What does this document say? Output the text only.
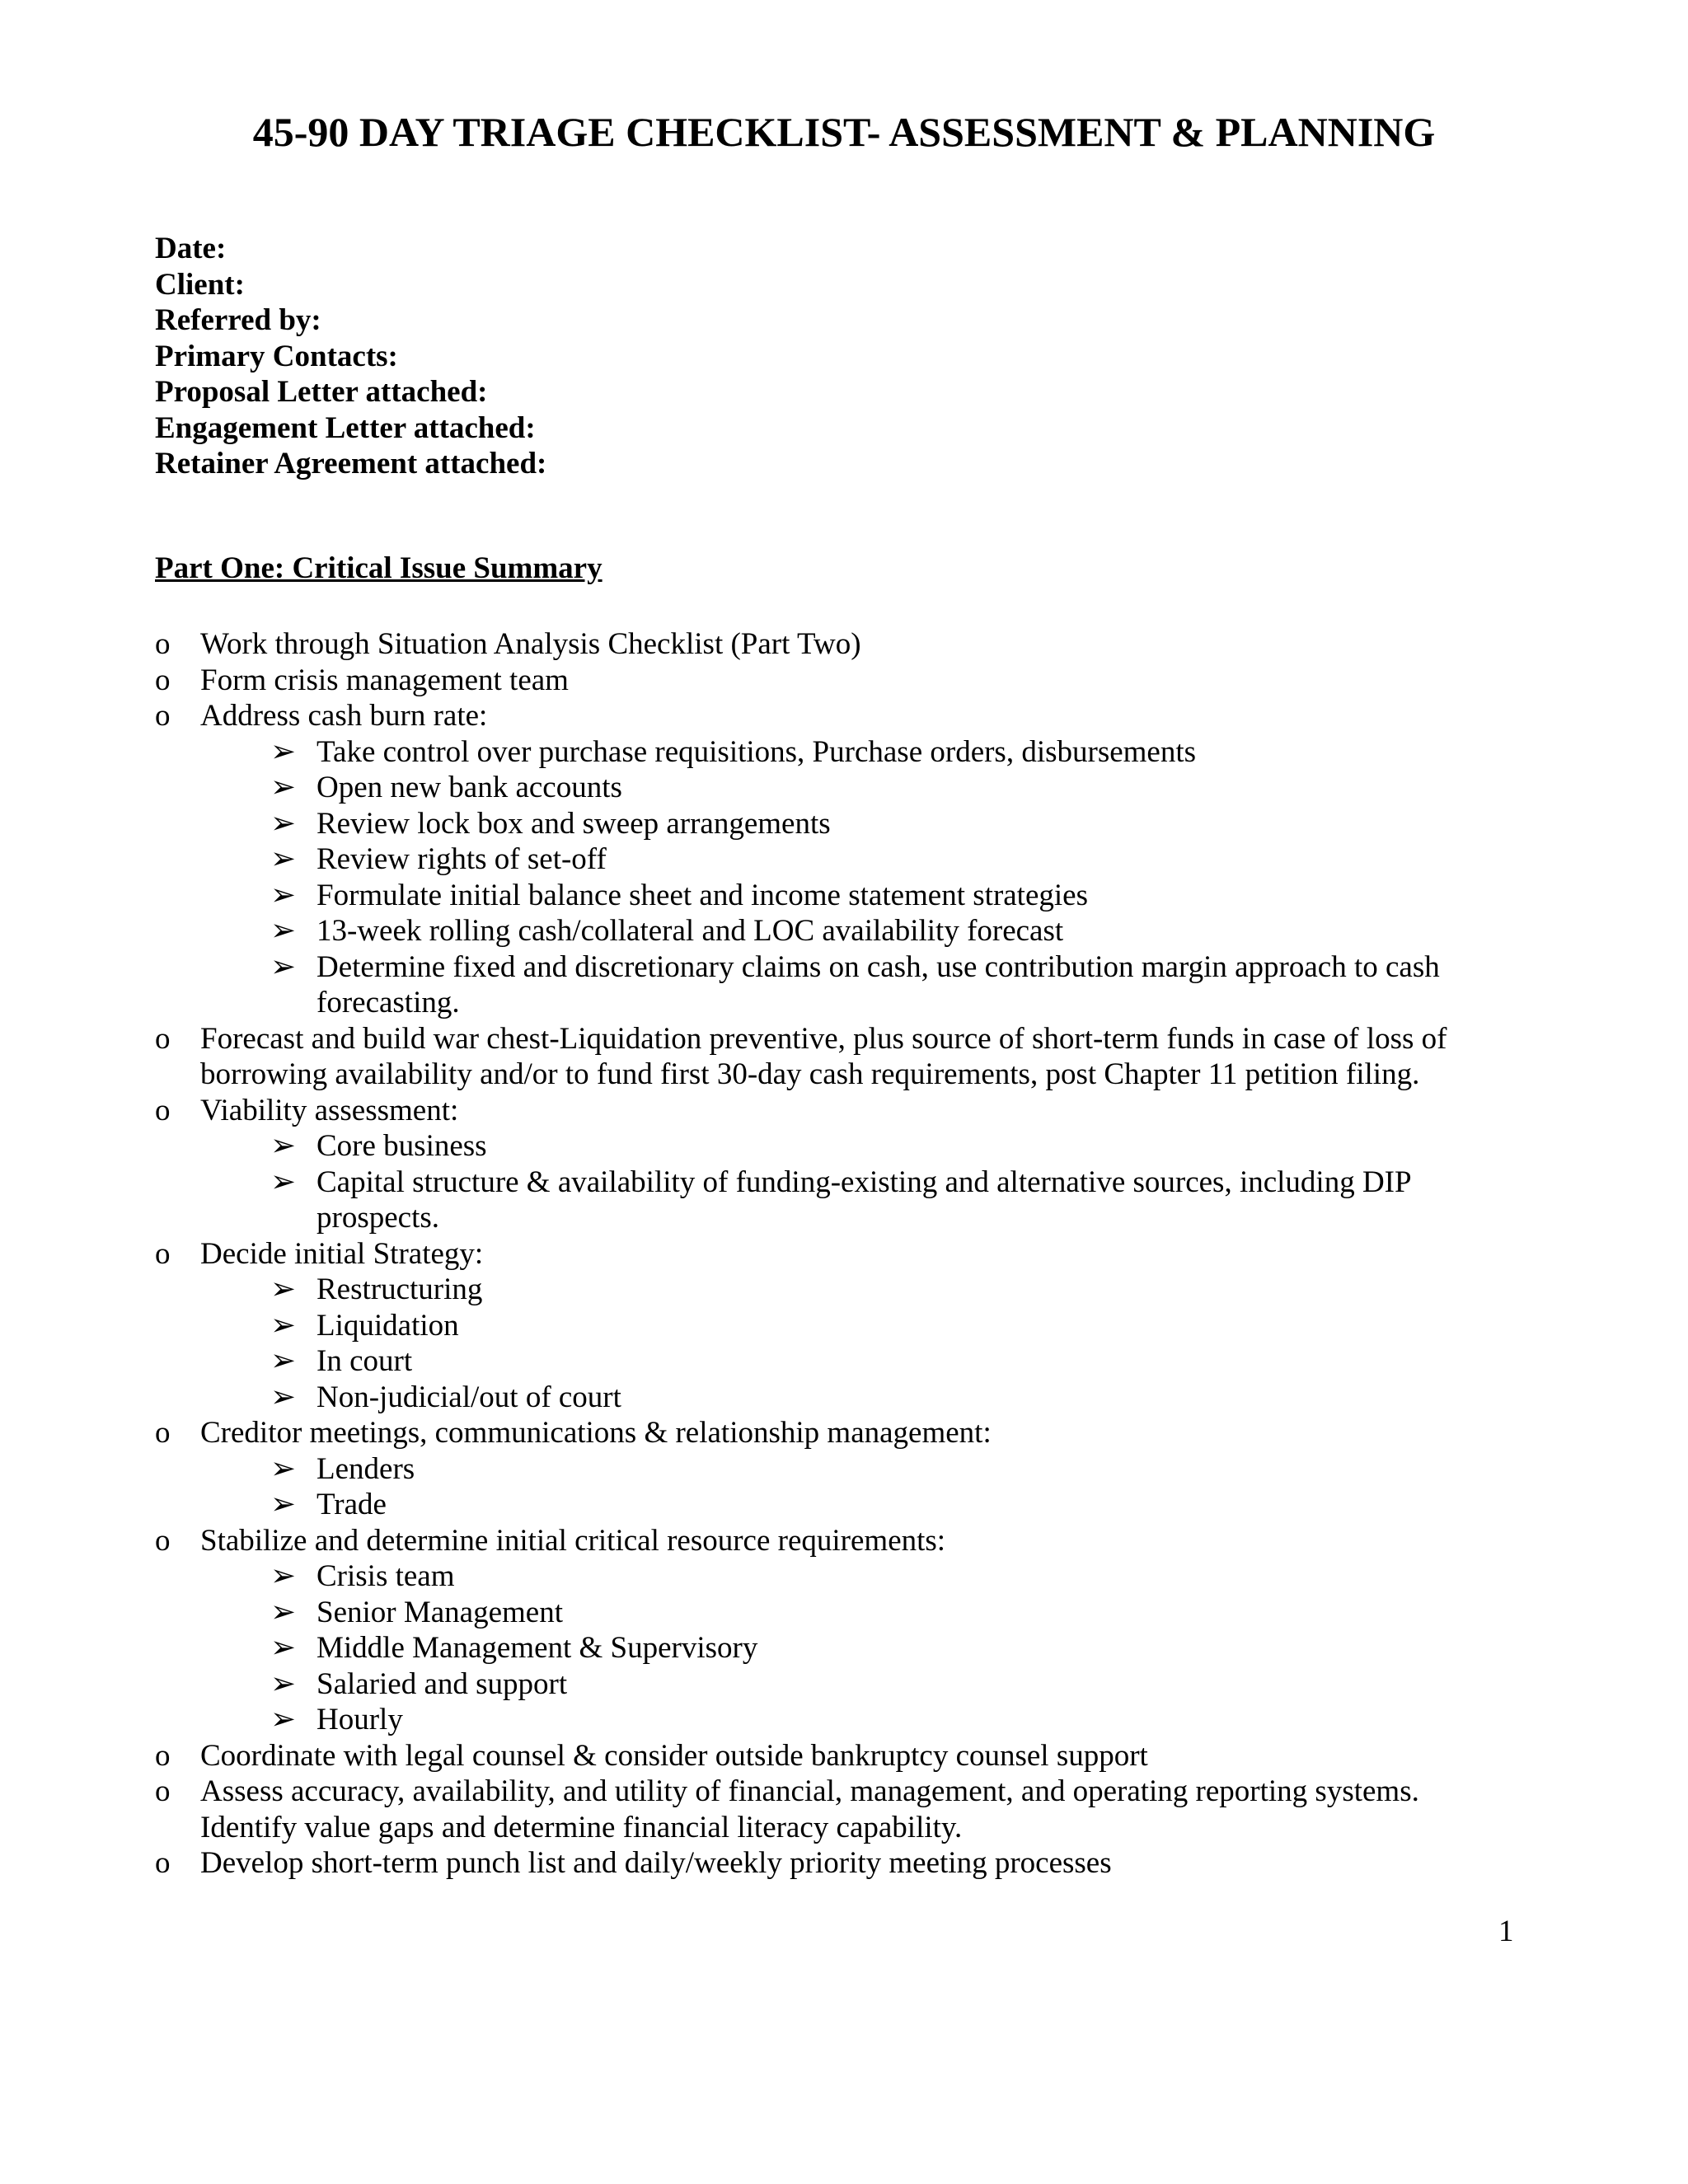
45-90 DAY TRIAGE CHECKLIST- ASSESSMENT & PLANNING
Date:
Client:
Referred by:
Primary Contacts:
Proposal Letter attached:
Engagement Letter attached:
Retainer Agreement attached:
Part One: Critical Issue Summary
o Work through Situation Analysis Checklist (Part Two)
o Form crisis management team
o Address cash burn rate:
➢ Take control over purchase requisitions, Purchase orders, disbursements
➢ Open new bank accounts
➢ Review lock box and sweep arrangements
➢ Review rights of set-off
➢ Formulate initial balance sheet and income statement strategies
➢ 13-week rolling cash/collateral and LOC availability forecast
➢ Determine fixed and discretionary claims on cash, use contribution margin approach to cash
forecasting.
o Forecast and build war chest-Liquidation preventive, plus source of short-term funds in case of loss of
borrowing availability and/or to fund first 30-day cash requirements, post Chapter 11 petition filing.
o Viability assessment:
➢ Core business
➢ Capital structure & availability of funding-existing and alternative sources, including DIP
prospects.
o Decide initial Strategy:
➢ Restructuring
➢ Liquidation
➢ In court
➢ Non-judicial/out of court
o Creditor meetings, communications & relationship management:
➢ Lenders
➢ Trade
o Stabilize and determine initial critical resource requirements:
➢ Crisis team
➢ Senior Management
➢ Middle Management & Supervisory
➢ Salaried and support
➢ Hourly
o Coordinate with legal counsel & consider outside bankruptcy counsel support
o Assess accuracy, availability, and utility of financial, management, and operating reporting systems.
Identify value gaps and determine financial literacy capability.
o Develop short-term punch list and daily/weekly priority meeting processes
1
